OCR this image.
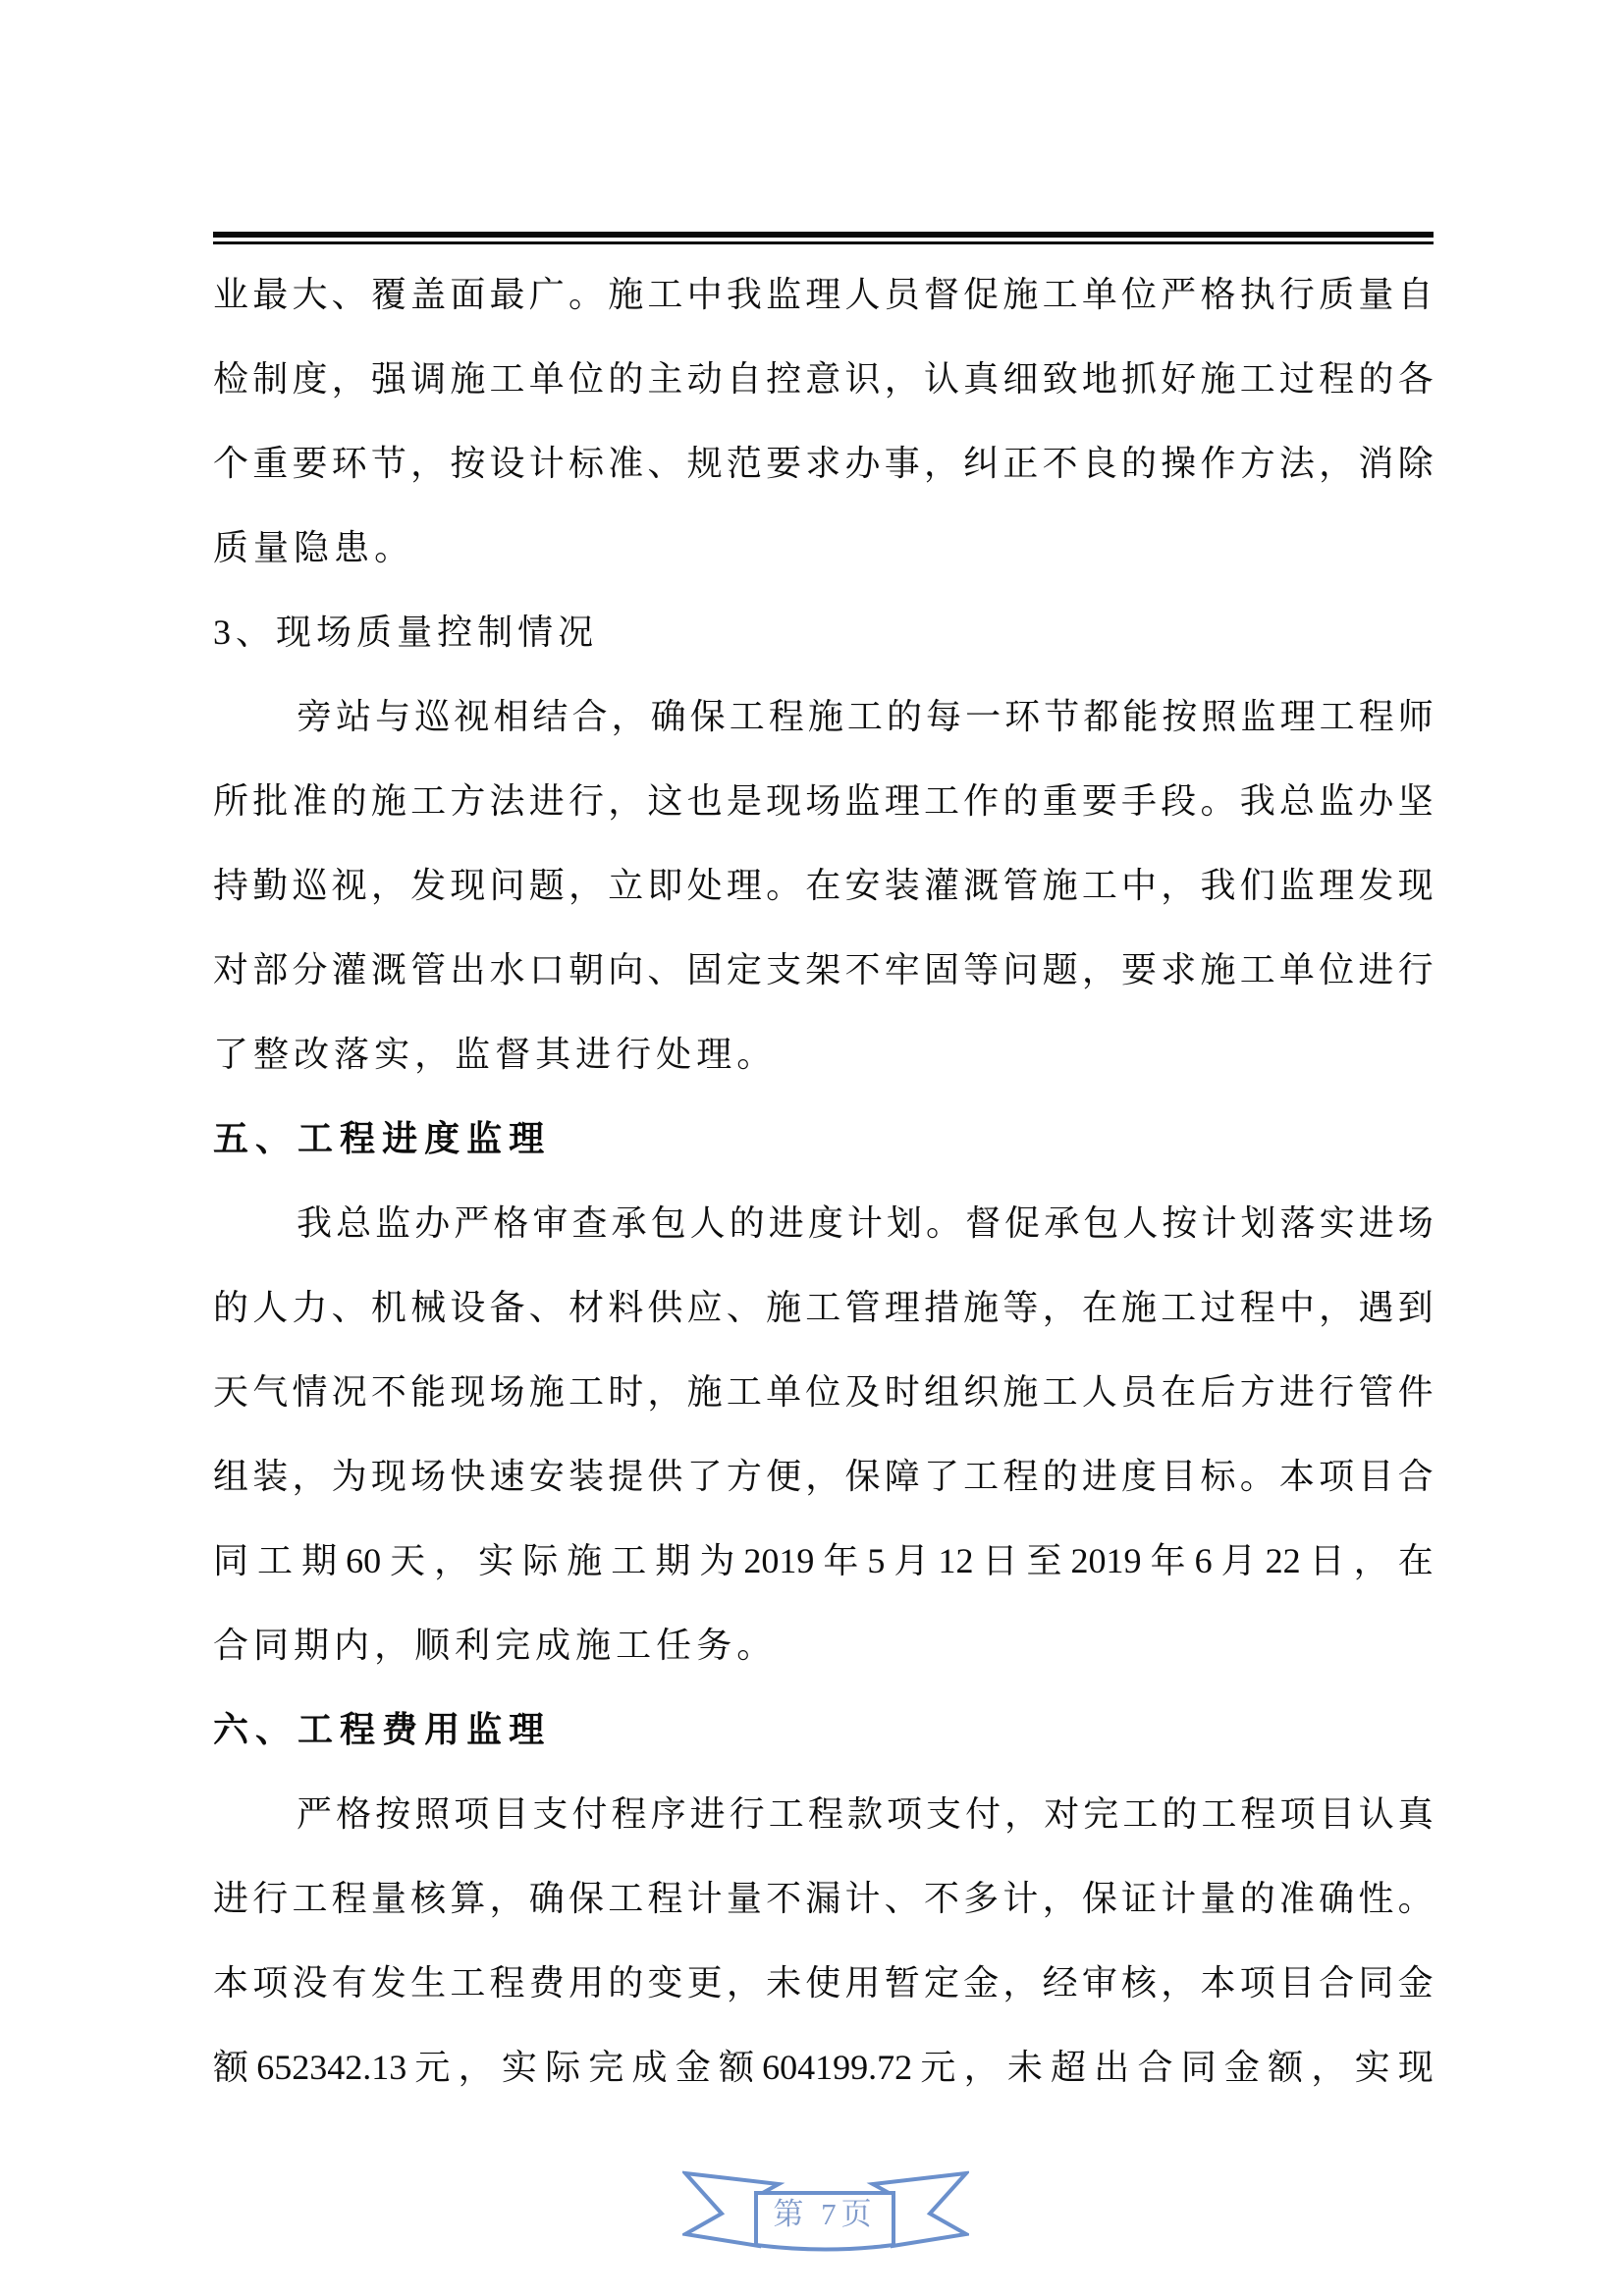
业 最 大 、 覆 盖 面 最 广 。 施 工 中 我 监 理 人 员 督 促 施 工 单 位 严 格 执 行 质 量 自
检 制 度 ， 强 调 施 工 单 位 的 主 动 自 控 意 识 ， 认 真 细 致 地 抓 好 施 工 过 程 的 各
个 重 要 环 节 ， 按 设 计 标 准 、 规 范 要 求 办 事 ， 纠 正 不 良 的 操 作 方 法 ， 消 除
质 量 隐 患 。
3 、 现 场 质 量 控 制 情 况
旁 站 与 巡 视 相 结 合 ， 确 保 工 程 施 工 的 每 一 环 节 都 能 按 照 监 理 工 程 师
所 批 准 的 施 工 方 法 进 行 ， 这 也 是 现 场 监 理 工 作 的 重 要 手 段 。 我 总 监 办 坚
持 勤 巡 视 ， 发 现 问 题 ， 立 即 处 理 。 在 安 装 灌 溉 管 施 工 中 ， 我 们 监 理 发 现
对 部 分 灌 溉 管 出 水 口 朝 向 、 固 定 支 架 不 牢 固 等 问 题 ， 要 求 施 工 单 位 进 行
了 整 改 落 实 ， 监 督 其 进 行 处 理 。
五 、 工 程 进 度 监 理
我 总 监 办 严 格 审 查 承 包 人 的 进 度 计 划 。 督 促 承 包 人 按 计 划 落 实 进 场
的 人 力 、 机 械 设 备 、 材 料 供 应 、 施 工 管 理 措 施 等 ， 在 施 工 过 程 中 ， 遇 到
天 气 情 况 不 能 现 场 施 工 时 ， 施 工 单 位 及 时 组 织 施 工 人 员 在 后 方 进 行 管 件
组 装 ， 为 现 场 快 速 安 装 提 供 了 方 便 ， 保 障 了 工 程 的 进 度 目 标 。 本 项 目 合
同 工 期 60 天 ， 实 际 施 工 期 为 2019 年 5 月 12 日 至 2019 年 6 月 22 日 ， 在
合 同 期 内 ， 顺 利 完 成 施 工 任 务 。
六 、 工 程 费 用 监 理
严 格 按 照 项 目 支 付 程 序 进 行 工 程 款 项 支 付 ， 对 完 工 的 工 程 项 目 认 真
进 行 工 程 量 核 算 ， 确 保 工 程 计 量 不 漏 计 、 不 多 计 ， 保 证 计 量 的 准 确 性 。
本 项 没 有 发 生 工 程 费 用 的 变 更 ， 未 使 用 暂 定 金 ， 经 审 核 ， 本 项 目 合 同 金
额 652342.13 元 ， 实 际 完 成 金 额 604199.72 元 ， 未 超 出 合 同 金 额 ， 实 现
第 7页
